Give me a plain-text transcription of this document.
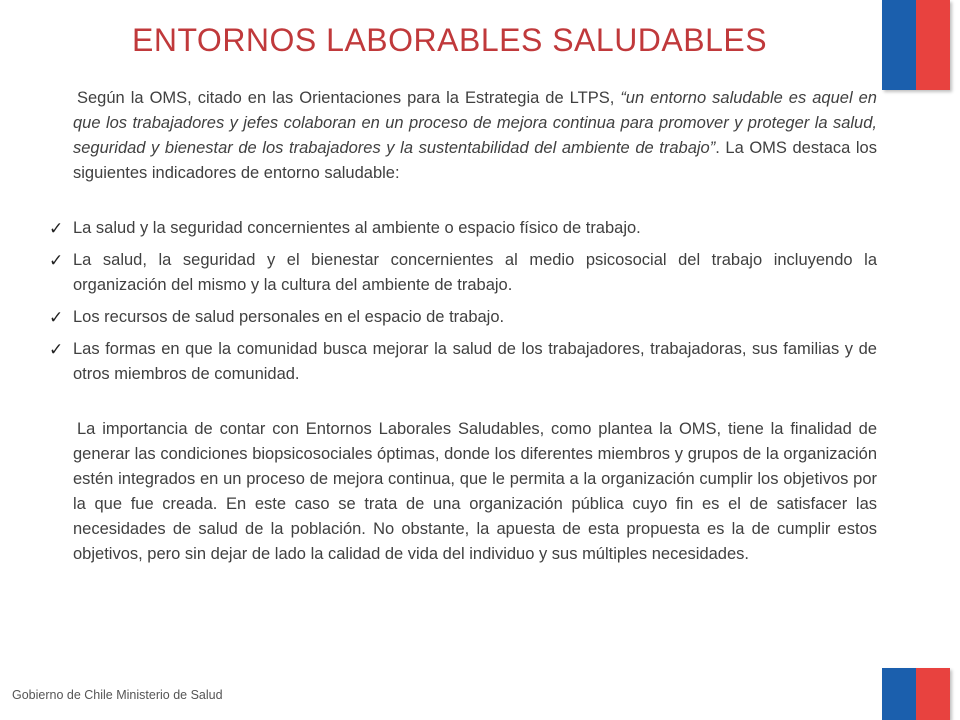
ENTORNOS LABORABLES SALUDABLES

Según la OMS, citado en las Orientaciones para la Estrategia de LTPS, “un entorno saludable es aquel en que los trabajadores y jefes colaboran en un proceso de mejora continua para promover y proteger la salud, seguridad y bienestar de los trabajadores y la sustentabilidad del ambiente de trabajo”. La OMS destaca los siguientes indicadores de entorno saludable:

✓ La salud y la seguridad concernientes al ambiente o espacio físico de trabajo.
✓ La salud, la seguridad y el bienestar concernientes al medio psicosocial del trabajo incluyendo la organización del mismo y la cultura del ambiente de trabajo.
✓ Los recursos de salud personales en el espacio de trabajo.
✓ Las formas en que la comunidad busca mejorar la salud de los trabajadores, trabajadoras, sus familias y de otros miembros de comunidad.

La importancia de contar con Entornos Laborales Saludables, como plantea la OMS, tiene la finalidad de generar las condiciones biopsicosociales óptimas, donde los diferentes miembros y grupos de la organización estén integrados en un proceso de mejora continua, que le permita a la organización cumplir los objetivos por la que fue creada. En este caso se trata de una organización pública cuyo fin es el de satisfacer las necesidades de salud de la población. No obstante, la apuesta de esta propuesta es la de cumplir estos objetivos, pero sin dejar de lado la calidad de vida del individuo y sus múltiples necesidades.

Gobierno de Chile Ministerio de Salud
